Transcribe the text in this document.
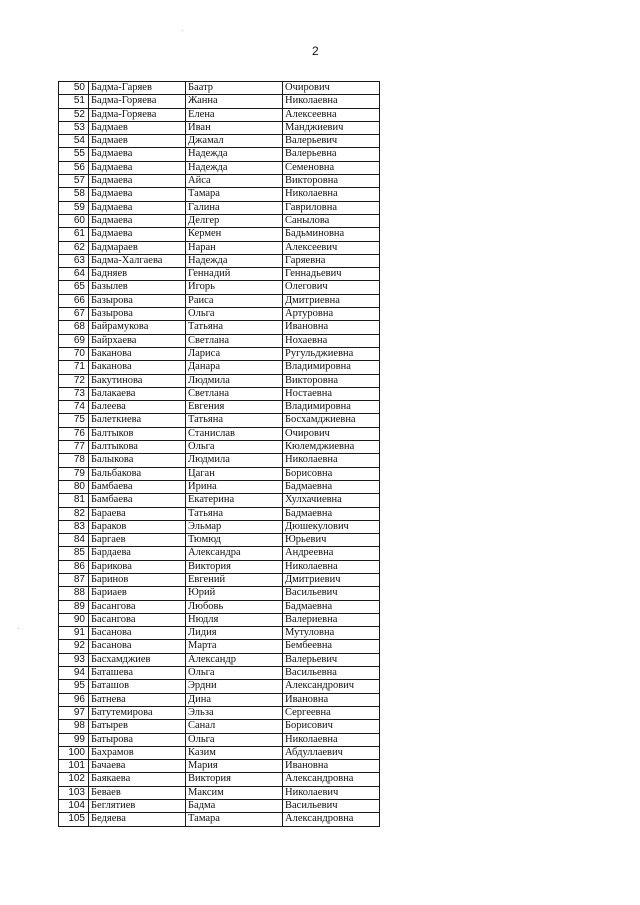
2
50	Бадма-Гаряев	Баатр	Очирович
51	Бадма-Горяева	Жанна	Николаевна
52	Бадма-Горяева	Елена	Алексеевна
53	Бадмаев	Иван	Манджиевич
54	Бадмаев	Джамал	Валерьевич
55	Бадмаева	Надежда	Валерьевна
56	Бадмаева	Надежда	Семеновна
57	Бадмаева	Айса	Викторовна
58	Бадмаева	Тамара	Николаевна
59	Бадмаева	Галина	Гавриловна
60	Бадмаева	Делгер	Санылова
61	Бадмаева	Кермен	Бадьминовна
62	Бадмараев	Наран	Алексеевич
63	Бадма-Халгаева	Надежда	Гаряевна
64	Бадняев	Геннадий	Геннадьевич
65	Базылев	Игорь	Олегович
66	Базырова	Раиса	Дмитриевна
67	Базырова	Ольга	Артуровна
68	Байрамукова	Татьяна	Ивановна
69	Байрхаева	Светлана	Нохаевна
70	Баканова	Лариса	Ругульджиевна
71	Баканова	Данара	Владимировна
72	Бакутинова	Людмила	Викторовна
73	Балакаева	Светлана	Ностаевна
74	Балеева	Евгения	Владимировна
75	Балеткиева	Татьяна	Босхамджиевна
76	Балтыков	Станислав	Очирович
77	Балтыкова	Ольга	Кюлемджиевна
78	Балыкова	Людмила	Николаевна
79	Бальбакова	Цаган	Борисовна
80	Бамбаева	Ирина	Бадмаевна
81	Бамбаева	Екатерина	Хулхачиевна
82	Бараева	Татьяна	Бадмаевна
83	Бараков	Эльмар	Дюшекулович
84	Баргаев	Тюмюд	Юрьевич
85	Бардаева	Александра	Андреевна
86	Барикова	Виктория	Николаевна
87	Баринов	Евгений	Дмитриевич
88	Бариаев	Юрий	Васильевич
89	Басангова	Любовь	Бадмаевна
90	Басангова	Нюдля	Валериевна
91	Басанова	Лидия	Мутуловна
92	Басанова	Марта	Бембеевна
93	Басхамджиев	Александр	Валерьевич
94	Баташева	Ольга	Васильевна
95	Баташов	Эрдни	Александрович
96	Батнева	Дина	Ивановна
97	Батутемирова	Эльза	Сергеевна
98	Батырев	Санал	Борисович
99	Батырова	Ольга	Николаевна
100	Бахрамов	Казим	Абдуллаевич
101	Бачаева	Мария	Ивановна
102	Баякаева	Виктория	Александровна
103	Беваев	Максим	Николаевич
104	Беглятиев	Бадма	Васильевич
105	Бедяева	Тамара	Александровна
